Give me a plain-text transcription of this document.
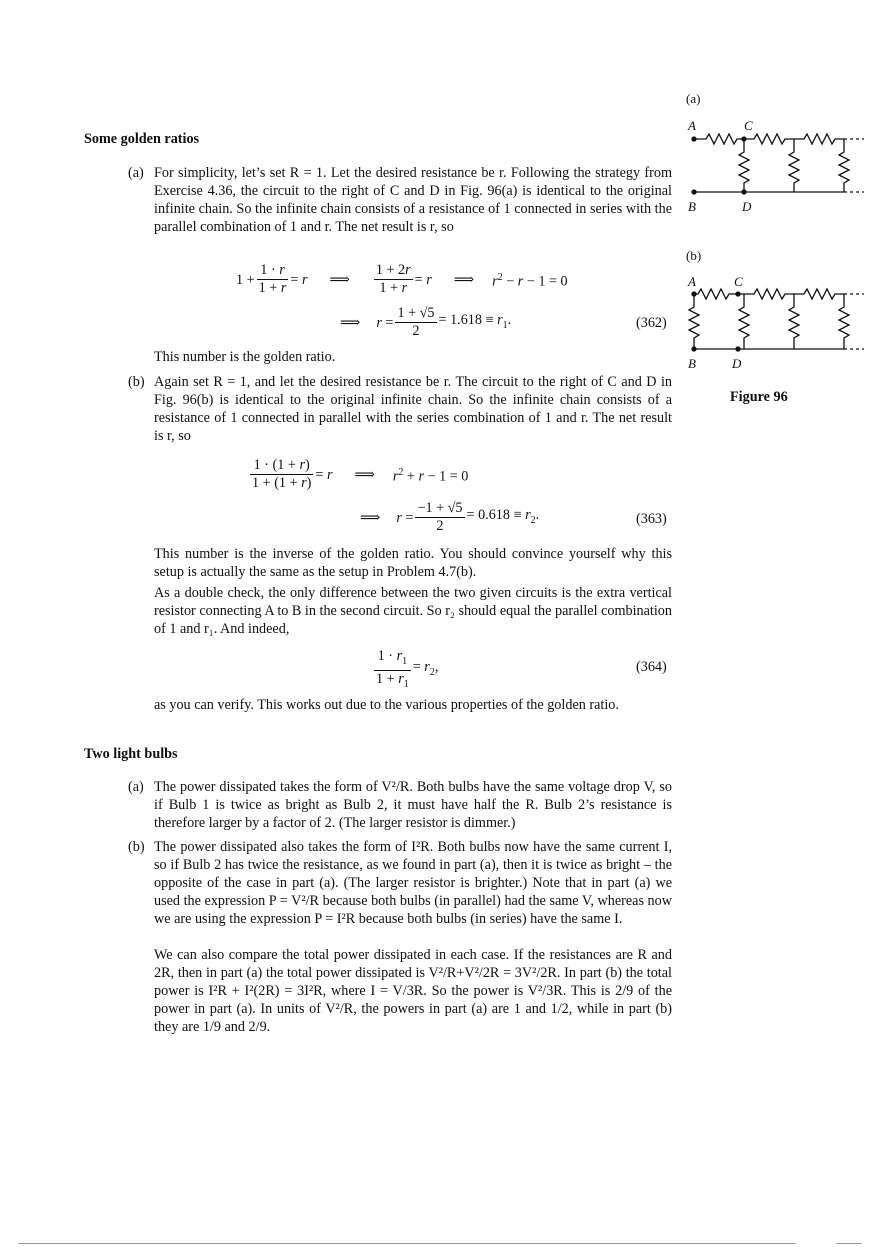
Some golden ratios
(a) For simplicity, let’s set R = 1. Let the desired resistance be r. Following the strategy from Exercise 4.36, the circuit to the right of C and D in Fig. 96(a) is identical to the original infinite chain. So the infinite chain consists of a resistance of 1 connected in series with the parallel combination of 1 and r. The net result is r, so
$1 + \frac{1 \cdot r}{1 + r} = r$ ⟹ $\frac{1 + 2r}{1 + r} = r$ ⟹ $r^2 - r - 1 = 0$
⟹ $r = \frac{1 + √5}{2} = 1.618 \equiv r_1$.	(362)
This number is the golden ratio.
(b) Again set R = 1, and let the desired resistance be r. The circuit to the right of C and D in Fig. 96(b) is identical to the original infinite chain. So the infinite chain consists of a resistance of 1 connected in parallel with the series combination of 1 and r. The net result is r, so
$\frac{1 \cdot (1 + r)}{1 + (1 + r)} = r$ ⟹ $r^2 + r - 1 = 0$
⟹ $r = \frac{-1 + √5}{2} = 0.618 \equiv r_2$.	(363)
This number is the inverse of the golden ratio. You should convince yourself why this setup is actually the same as the setup in Problem 4.7(b).
As a double check, the only difference between the two given circuits is the extra vertical resistor connecting A to B in the second circuit. So r₂ should equal the parallel combination of 1 and r₁. And indeed,
$\frac{1 \cdot r_1}{1 + r_1} = r_2$,	(364)
as you can verify. This works out due to the various properties of the golden ratio.
Two light bulbs
(a) The power dissipated takes the form of V²/R. Both bulbs have the same voltage drop V, so if Bulb 1 is twice as bright as Bulb 2, it must have half the R. Bulb 2’s resistance is therefore larger by a factor of 2. (The larger resistor is dimmer.)
(b) The power dissipated also takes the form of I²R. Both bulbs now have the same current I, so if Bulb 2 has twice the resistance, as we found in part (a), then it is twice as bright – the opposite of the case in part (a). (The larger resistor is brighter.) Note that in part (a) we used the expression P = V²/R because both bulbs (in parallel) had the same V, whereas now we are using the expression P = I²R because both bulbs (in series) have the same I.
We can also compare the total power dissipated in each case. If the resistances are R and 2R, then in part (a) the total power dissipated is V²/R+V²/2R = 3V²/2R. In part (b) the total power is I²R + I²(2R) = 3I²R, where I = V/3R. So the power is V²/3R. This is 2/9 of the power in part (a). In units of V²/R, the powers in part (a) are 1 and 1/2, while in part (b) they are 1/9 and 2/9.
(a)
A	C
B	D
(b)
A	C
B	D
Figure 96
